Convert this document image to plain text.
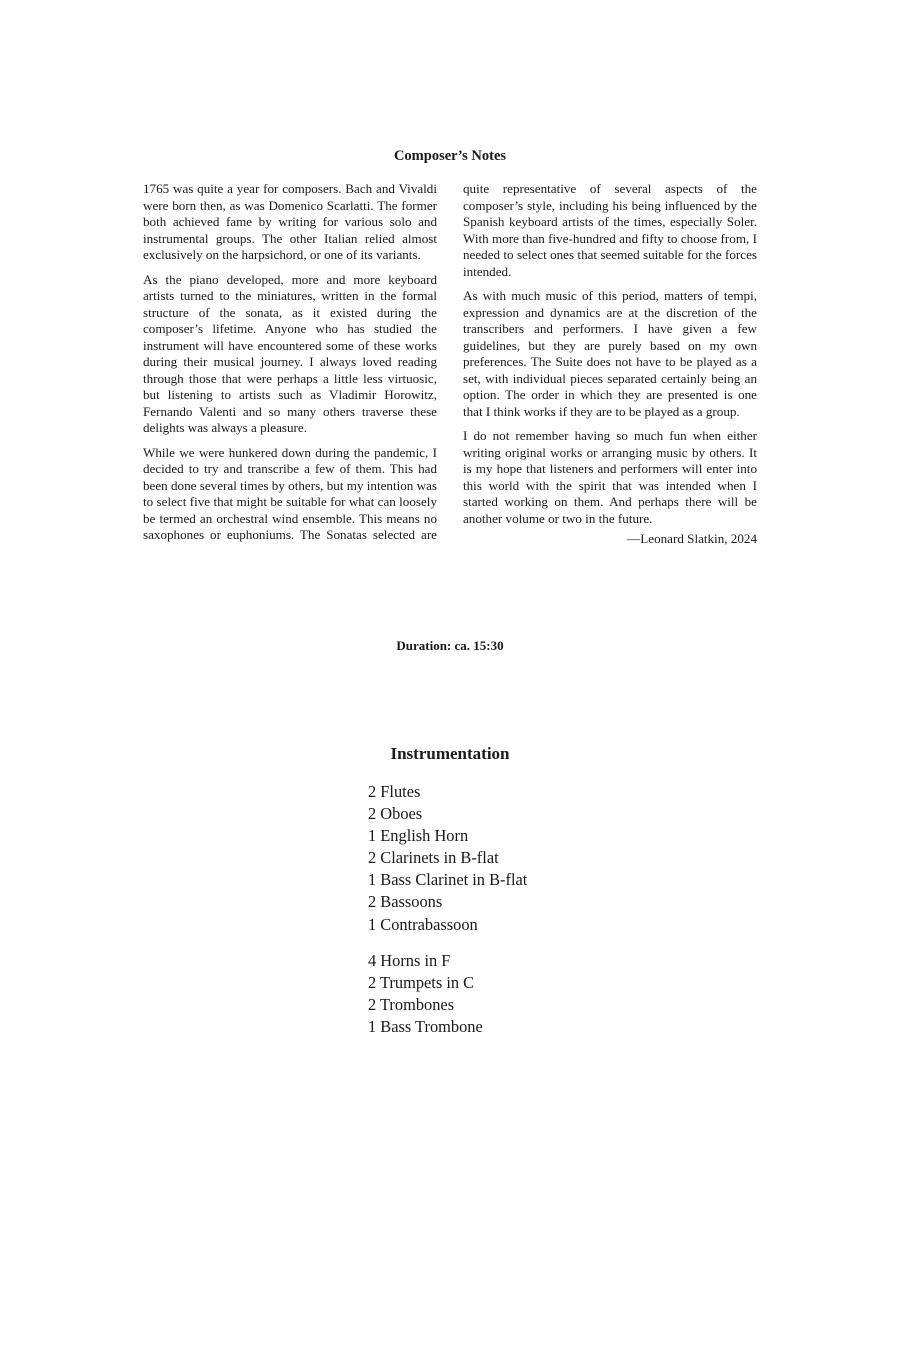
Composer’s Notes

1765 was quite a year for composers. Bach and Vivaldi were born then, as was Domenico Scarlatti. The former both achieved fame by writing for various solo and instrumental groups. The other Italian relied almost exclusively on the harpsichord, or one of its variants.

As the piano developed, more and more keyboard artists turned to the miniatures, written in the formal structure of the sonata, as it existed during the composer’s lifetime. Anyone who has studied the instrument will have encountered some of these works during their musical journey. I always loved reading through those that were perhaps a little less virtuosic, but listening to artists such as Vladimir Horowitz, Fernando Valenti and so many others traverse these delights was always a pleasure.

While we were hunkered down during the pandemic, I decided to try and transcribe a few of them. This had been done several times by others, but my intention was to select five that might be suitable for what can loosely be termed an orchestral wind ensemble. This means no saxophones or euphoniums. The Sonatas selected are quite representative of several aspects of the composer’s style, including his being influenced by the Spanish keyboard artists of the times, especially Soler. With more than five-hundred and fifty to choose from, I needed to select ones that seemed suitable for the forces intended.

As with much music of this period, matters of tempi, expression and dynamics are at the discretion of the transcribers and performers. I have given a few guidelines, but they are purely based on my own preferences. The Suite does not have to be played as a set, with individual pieces separated certainly being an option. The order in which they are presented is one that I think works if they are to be played as a group.

I do not remember having so much fun when either writing original works or arranging music by others. It is my hope that listeners and performers will enter into this world with the spirit that was intended when I started working on them. And perhaps there will be another volume or two in the future.

—Leonard Slatkin, 2024

Duration: ca. 15:30

Instrumentation
2 Flutes
2 Oboes
1 English Horn
2 Clarinets in B-flat
1 Bass Clarinet in B-flat
2 Bassoons
1 Contrabassoon
4 Horns in F
2 Trumpets in C
2 Trombones
1 Bass Trombone
